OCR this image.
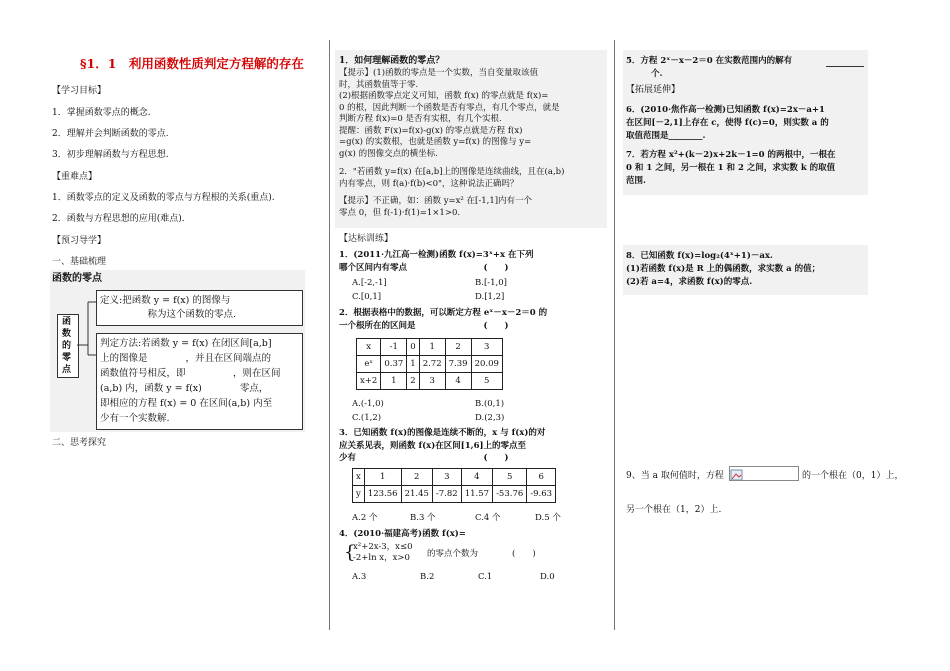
§1．1　利用函数性质判定方程解的存在
【学习目标】
1．掌握函数零点的概念.
2．理解并会判断函数的零点.
3．初步理解函数与方程思想.
【重难点】
1．函数零点的定义及函数的零点与方程根的关系(重点).
2．函数与方程思想的应用(难点).
【预习导学】
一、基础梳理
函数的零点
函
数
的
零
点
定义:把函数 y = f(x) 的图像与
　　　　　称为这个函数的零点.
判定方法:若函数 y = f(x) 在闭区间[a,b]
上的图像是　　　　，并且在区间端点的
函数值符号相反，即　　　　　，则在区间
(a,b) 内，函数 y = f(x)　　　　零点，
即相应的方程 f(x) = 0 在区间(a,b) 内至
少有一个实数解.
二、思考探究
1．如何理解函数的零点？
【提示】(1)函数的零点是一个实数，当自变量取该值
时，其函数值等于零.
(2)根据函数零点定义可知，函数 f(x) 的零点就是 f(x)=
0 的根，因此判断一个函数是否有零点，有几个零点，就是
判断方程 f(x)=0 是否有实根，有几个实根.
提醒：函数 F(x)=f(x)-g(x) 的零点就是方程 f(x)
=g(x) 的实数根，也就是函数 y=f(x) 的图像与 y=
g(x) 的图像交点的横坐标.
2．"若函数 y=f(x) 在[a,b]上的图像是连续曲线，且在(a,b)
内有零点，则 f(a)·f(b)<0"，这种说法正确吗？
【提示】不正确，如：函数 y=x² 在[-1,1]内有一个
零点 0，但 f(-1)·f(1)=1×1>0.
【达标训练】
1．(2011·九江高一检测)函数 f(x)=3ˣ+x 在下列
哪个区间内有零点　　　　　　　　　(　　)
A.[-2,-1]	B.[-1,0]
C.[0,1]	D.[1,2]
2．根据表格中的数据，可以断定方程 eˣ－x－2＝0 的
一个根所在的区间是　　　　　　　　(　　)
x	-1	0	1	2	3
eˣ	0.37	1	2.72	7.39	20.09
x+2	1	2	3	4	5
A.(-1,0)	B.(0,1)
C.(1,2)	D.(2,3)
3．已知函数 f(x)的图像是连续不断的，x 与 f(x)的对
应关系见表，则函数 f(x)在区间[1,6]上的零点至
少有　　　　　　　　　　　　　　　(　　)
x	1	2	3	4	5	6
y	123.56	21.45	-7.82	11.57	-53.76	-9.63
A.2 个	B.3 个	C.4 个	D.5 个
4．(2010·福建高考)函数 f(x)=
{
x²+2x-3，x≤0
-2+ln x，x>0	的零点个数为　　　　(　　)
A.3	B.2	C.1	D.0
5．方程 2ˣ－x－2＝0 在实数范围内的解有
个.
【拓展延伸】
6．(2010·焦作高一检测)已知函数 f(x)=2x－a+1
在区间[－2,1]上存在 c，使得 f(c)=0，则实数 a 的
取值范围是________.
7．若方程 x²+(k－2)x+2k－1=0 的两根中，一根在
0 和 1 之间，另一根在 1 和 2 之间，求实数 k 的取值
范围.
8．已知函数 f(x)=log₂(4ˣ+1)－ax.
(1)若函数 f(x)是 R 上的偶函数，求实数 a 的值；
(2)若 a=4，求函数 f(x)的零点.
9、当 a 取何值时，方程	的一个根在（0，1）上，
另一个根在（1，2）上.
